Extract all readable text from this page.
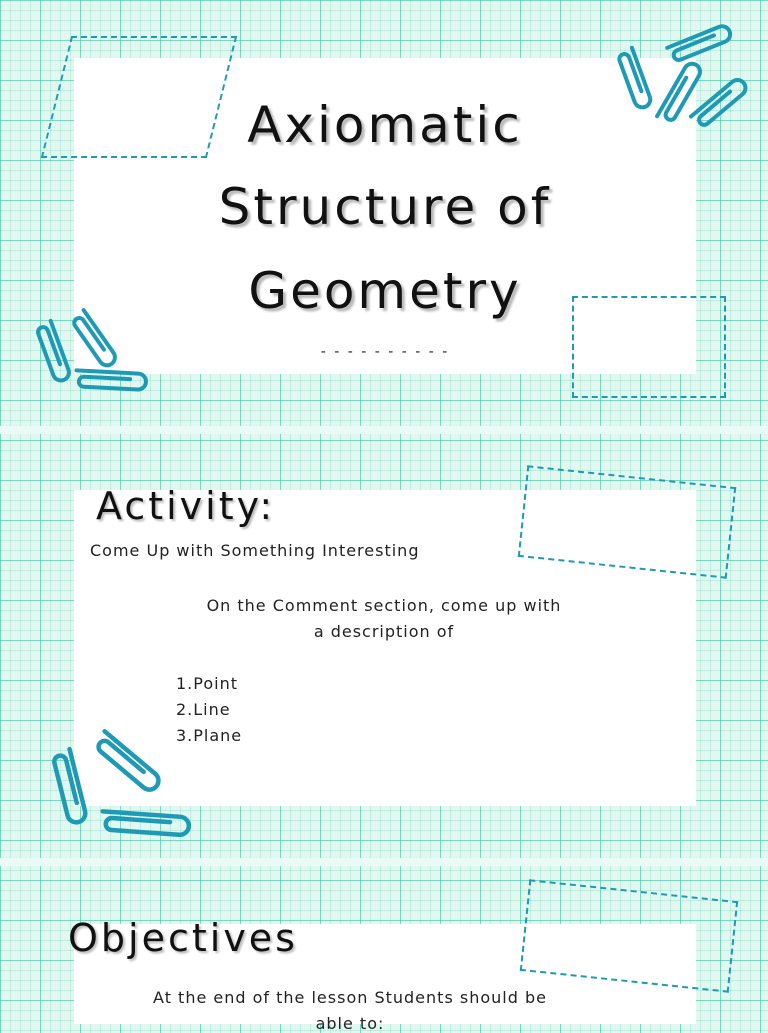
Axiomatic
Structure of
Geometry
- - - - - - - - - -
Activity:
Come Up with Something Interesting
On the Comment section, come up with
a description of
1.Point
2.Line
3.Plane
Objectives
At the end of the lesson Students should be
able to:
